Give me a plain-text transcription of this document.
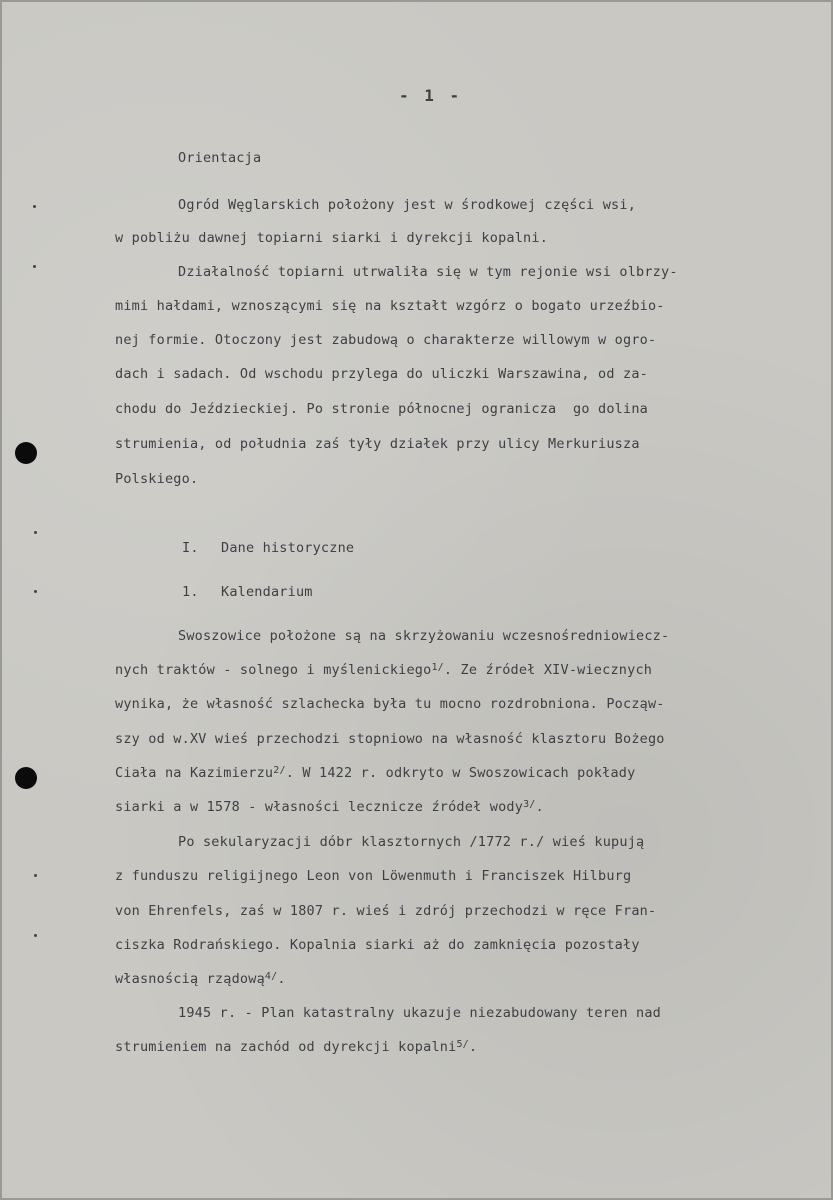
- 1 -
Orientacja
Ogród Węglarskich położony jest w środkowej części wsi,
w pobliżu dawnej topiarni siarki i dyrekcji kopalni.
Działalność topiarni utrwaliła się w tym rejonie wsi olbrzy-
mimi hałdami, wznoszącymi się na kształt wzgórz o bogato urzeźbio-
nej formie. Otoczony jest zabudową o charakterze willowym w ogro-
dach i sadach. Od wschodu przylega do uliczki Warszawina, od za-
chodu do Jeździeckiej. Po stronie północnej ogranicza  go dolina
strumienia, od południa zaś tyły działek przy ulicy Merkuriusza
Polskiego.
I. Dane historyczne
1. Kalendarium
Swoszowice położone są na skrzyżowaniu wczesnośredniowiecz-
nych traktów - solnego i myślenickiego$^{1/}$. Ze źródeł XIV-wiecznych
wynika, że własność szlachecka była tu mocno rozdrobniona. Począw-
szy od w.XV wieś przechodzi stopniowo na własność klasztoru Bożego
Ciała na Kazimierzu$^{2/}$. W 1422 r. odkryto w Swoszowicach pokłady
siarki a w 1578 - własności lecznicze źródeł wody$^{3/}$.
Po sekularyzacji dóbr klasztornych /1772 r./ wieś kupują
z funduszu religijnego Leon von Löwenmuth i Franciszek Hilburg
von Ehrenfels, zaś w 1807 r. wieś i zdrój przechodzi w ręce Fran-
ciszka Rodrańskiego. Kopalnia siarki aż do zamknięcia pozostały
własnością rządową$^{4/}$.
1945 r. - Plan katastralny ukazuje niezabudowany teren nad
strumieniem na zachód od dyrekcji kopalni$^{5/}$.
